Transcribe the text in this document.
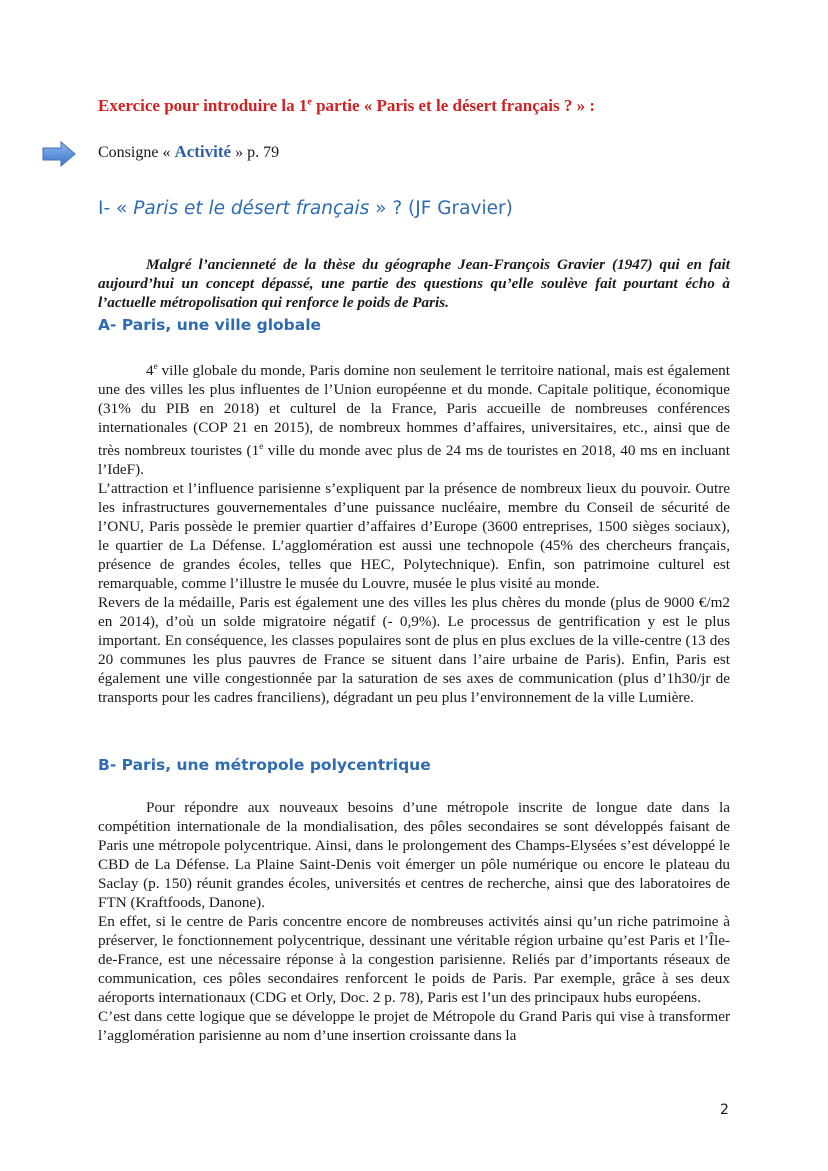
Exercice pour introduire la 1e partie « Paris et le désert français ? » :
Consigne « Activité » p. 79
I- « Paris et le désert français » ? (JF Gravier)

Malgré l’ancienneté de la thèse du géographe Jean-François Gravier (1947) qui en fait aujourd’hui un concept dépassé, une partie des questions qu’elle soulève fait pourtant écho à l’actuelle métropolisation qui renforce le poids de Paris.

A- Paris, une ville globale

4e ville globale du monde, Paris domine non seulement le territoire national, mais est également une des villes les plus influentes de l’Union européenne et du monde. Capitale politique, économique (31% du PIB en 2018) et culturel de la France, Paris accueille de nombreuses conférences internationales (COP 21 en 2015), de nombreux hommes d’affaires, universitaires, etc., ainsi que de très nombreux touristes (1e ville du monde avec plus de 24 ms de touristes en 2018, 40 ms en incluant l’IdeF).

L’attraction et l’influence parisienne s’expliquent par la présence de nombreux lieux du pouvoir. Outre les infrastructures gouvernementales d’une puissance nucléaire, membre du Conseil de sécurité de l’ONU, Paris possède le premier quartier d’affaires d’Europe (3600 entreprises, 1500 sièges sociaux), le quartier de La Défense. L’agglomération est aussi une technopole (45% des chercheurs français, présence de grandes écoles, telles que HEC, Polytechnique). Enfin, son patrimoine culturel est remarquable, comme l’illustre le musée du Louvre, musée le plus visité au monde.

Revers de la médaille, Paris est également une des villes les plus chères du monde (plus de 9000 €/m2 en 2014), d’où un solde migratoire négatif (- 0,9%). Le processus de gentrification y est le plus important. En conséquence, les classes populaires sont de plus en plus exclues de la ville-centre (13 des 20 communes les plus pauvres de France se situent dans l’aire urbaine de Paris). Enfin, Paris est également une ville congestionnée par la saturation de ses axes de communication (plus d’1h30/jr de transports pour les cadres franciliens), dégradant un peu plus l’environnement de la ville Lumière.

B- Paris, une métropole polycentrique

Pour répondre aux nouveaux besoins d’une métropole inscrite de longue date dans la compétition internationale de la mondialisation, des pôles secondaires se sont développés faisant de Paris une métropole polycentrique. Ainsi, dans le prolongement des Champs-Elysées s’est développé le CBD de La Défense. La Plaine Saint-Denis voit émerger un pôle numérique ou encore le plateau du Saclay (p. 150) réunit grandes écoles, universités et centres de recherche, ainsi que des laboratoires de FTN (Kraftfoods, Danone).

En effet, si le centre de Paris concentre encore de nombreuses activités ainsi qu’un riche patrimoine à préserver, le fonctionnement polycentrique, dessinant une véritable région urbaine qu’est Paris et l’Île-de-France, est une nécessaire réponse à la congestion parisienne. Reliés par d’importants réseaux de communication, ces pôles secondaires renforcent le poids de Paris. Par exemple, grâce à ses deux aéroports internationaux (CDG et Orly, Doc. 2 p. 78), Paris est l’un des principaux hubs européens.

C’est dans cette logique que se développe le projet de Métropole du Grand Paris qui vise à transformer l’agglomération parisienne au nom d’une insertion croissante dans la

2
